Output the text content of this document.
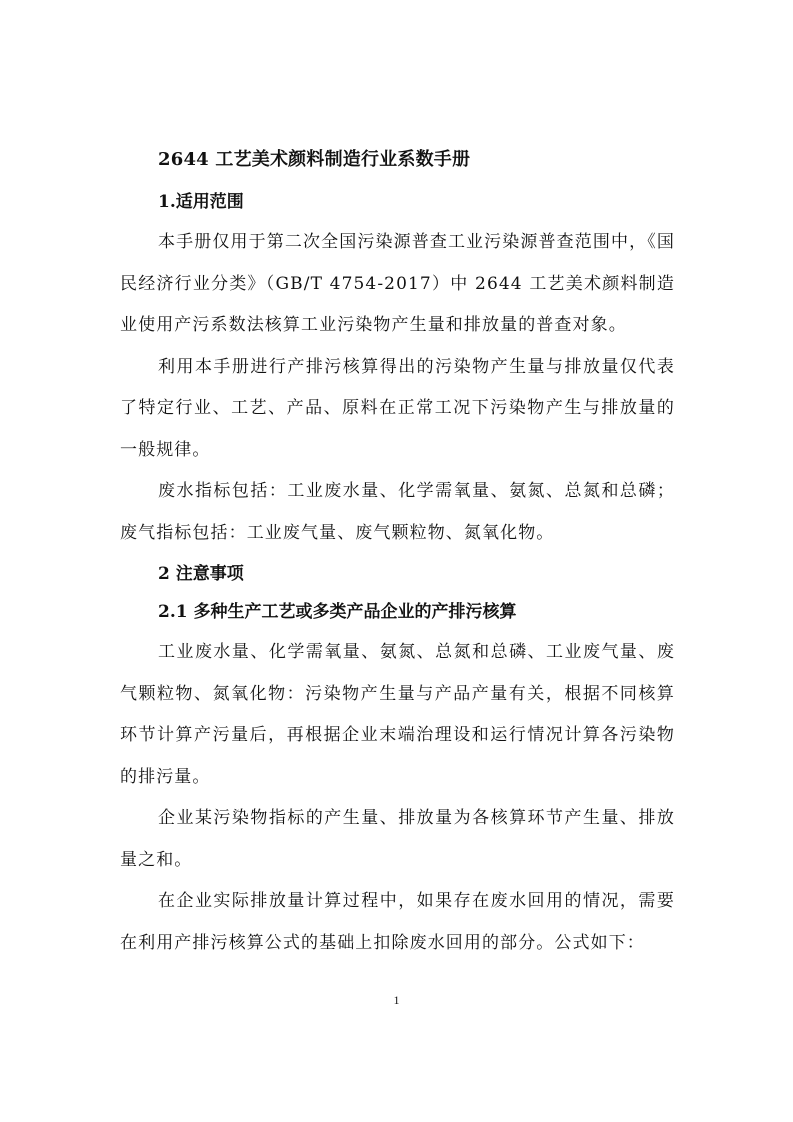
2644 工艺美术颜料制造行业系数手册
1.适用范围

本手册仅用于第二次全国污染源普查工业污染源普查范围中，《国民经济行业分类》（GB/T 4754-2017）中 2644 工艺美术颜料制造业使用产污系数法核算工业污染物产生量和排放量的普查对象。

利用本手册进行产排污核算得出的污染物产生量与排放量仅代表了特定行业、工艺、产品、原料在正常工况下污染物产生与排放量的一般规律。

废水指标包括：工业废水量、化学需氧量、氨氮、总氮和总磷；废气指标包括：工业废气量、废气颗粒物、氮氧化物。

2 注意事项
2.1 多种生产工艺或多类产品企业的产排污核算

工业废水量、化学需氧量、氨氮、总氮和总磷、工业废气量、废气颗粒物、氮氧化物：污染物产生量与产品产量有关，根据不同核算环节计算产污量后，再根据企业末端治理设和运行情况计算各污染物的排污量。

企业某污染物指标的产生量、排放量为各核算环节产生量、排放量之和。

在企业实际排放量计算过程中，如果存在废水回用的情况，需要在利用产排污核算公式的基础上扣除废水回用的部分。公式如下：

1
